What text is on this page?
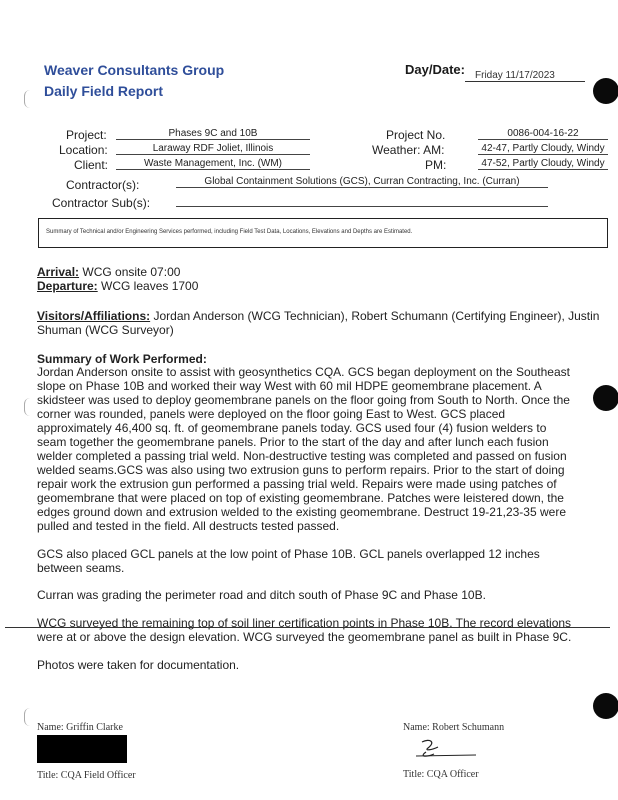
Weaver Consultants Group
Daily Field Report
Day/Date: Friday 11/17/2023
Project:	Phases 9C and 10B
Location:	Laraway RDF Joliet, Illinois
Client:	Waste Management, Inc. (WM)
Project No.	0086-004-16-22
Weather: AM:	42-47, Partly Cloudy, Windy
PM:	47-52, Partly Cloudy, Windy
Contractor(s):	Global Containment Solutions (GCS), Curran Contracting, Inc. (Curran)
Contractor Sub(s):
Summary of Technical and/or Engineering Services performed, including Field Test Data, Locations, Elevations and Depths are Estimated.
Arrival: WCG onsite 07:00
Departure: WCG leaves 1700
Visitors/Affiliations: Jordan Anderson (WCG Technician), Robert Schumann (Certifying Engineer), Justin
Shuman (WCG Surveyor)
Summary of Work Performed:
Jordan Anderson onsite to assist with geosynthetics CQA. GCS began deployment on the Southeast
slope on Phase 10B and worked their way West with 60 mil HDPE geomembrane placement. A
skidsteer was used to deploy geomembrane panels on the floor going from South to North. Once the
corner was rounded, panels were deployed on the floor going East to West. GCS placed
approximately 46,400 sq. ft. of geomembrane panels today. GCS used four (4) fusion welders to
seam together the geomembrane panels. Prior to the start of the day and after lunch each fusion
welder completed a passing trial weld. Non-destructive testing was completed and passed on fusion
welded seams.GCS was also using two extrusion guns to perform repairs. Prior to the start of doing
repair work the extrusion gun performed a passing trial weld. Repairs were made using patches of
geomembrane that were placed on top of existing geomembrane. Patches were leistered down, the
edges ground down and extrusion welded to the existing geomembrane. Destruct 19-21,23-35 were
pulled and tested in the field. All destructs tested passed.
GCS also placed GCL panels at the low point of Phase 10B. GCL panels overlapped 12 inches
between seams.
Curran was grading the perimeter road and ditch south of Phase 9C and Phase 10B.
WCG surveyed the remaining top of soil liner certification points in Phase 10B. The record elevations
were at or above the design elevation. WCG surveyed the geomembrane panel as built in Phase 9C.
Photos were taken for documentation.
Name: Griffin Clarke
Title: CQA Field Officer
Name: Robert Schumann
Title: CQA Officer
